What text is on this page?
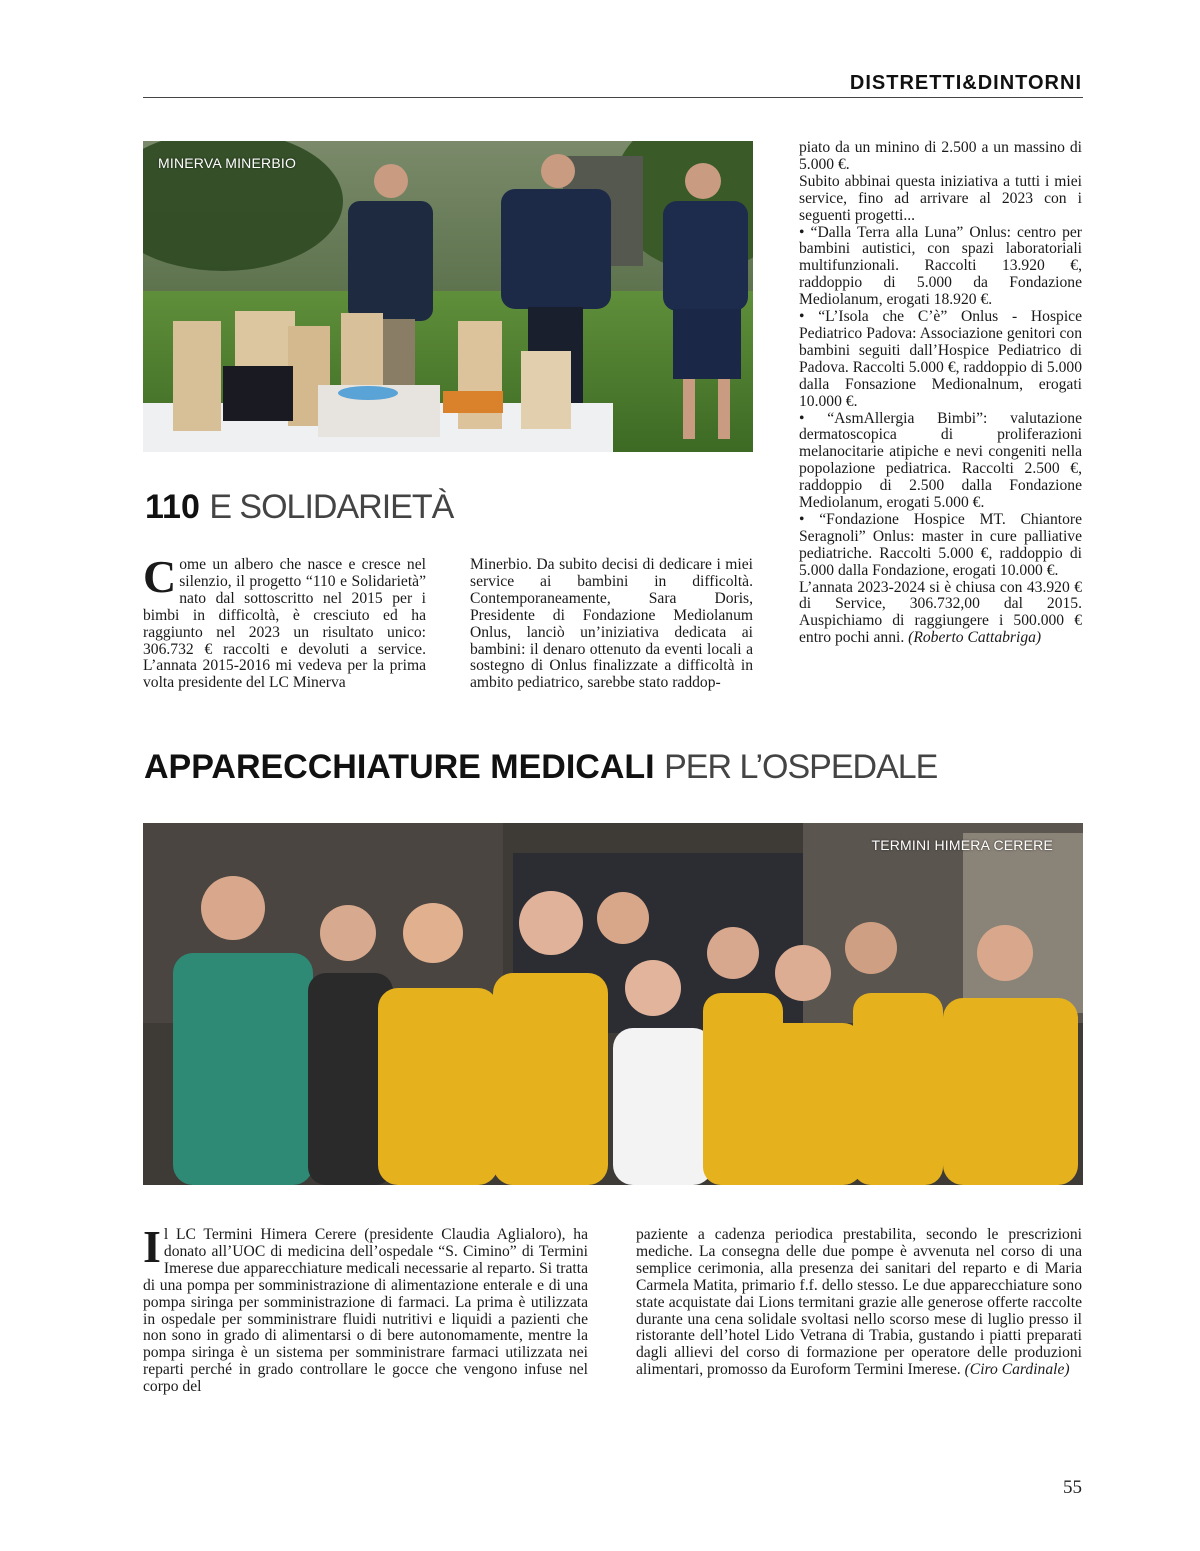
DISTRETTI&DINTORNI
MINERVA MINERBIO
110 E SOLIDARIETÀ
Come un albero che nasce e cresce nel silenzio, il progetto “110 e Solidarietà” nato dal sottoscritto nel 2015 per i bimbi in difficoltà, è cresciuto ed ha raggiunto nel 2023 un risultato unico: 306.732 € raccolti e devoluti a service. L’annata 2015-2016 mi vedeva per la prima volta presidente del LC Minerva
Minerbio. Da subito decisi di dedicare i miei service ai bambini in difficoltà. Contemporaneamente, Sara Doris, Presidente di Fondazione Mediolanum Onlus, lanciò un’iniziativa dedicata ai bambini: il denaro ottenuto da eventi locali a sostegno di Onlus finalizzate a difficoltà in ambito pediatrico, sarebbe stato raddop-

piato da un minino di 2.500 a un massino di 5.000 €.

Subito abbinai questa iniziativa a tutti i miei service, fino ad arrivare al 2023 con i seguenti progetti...

• “Dalla Terra alla Luna” Onlus: centro per bambini autistici, con spazi laboratoriali multifunzionali. Raccolti 13.920 €, raddoppio di 5.000 da Fondazione Mediolanum, erogati 18.920 €.

• “L’Isola che C’è” Onlus - Hospice Pediatrico Padova: Associazione genitori con bambini seguiti dall’Hospice Pediatrico di Padova. Raccolti 5.000 €, raddoppio di 5.000 dalla Fonsazione Medionalnum, erogati 10.000 €.

• “AsmAllergia Bimbi”: valutazione dermatoscopica di proliferazioni melanocitarie atipiche e nevi congeniti nella popolazione pediatrica. Raccolti 2.500 €, raddoppio di 2.500 dalla Fondazione Mediolanum, erogati 5.000 €.

• “Fondazione Hospice MT. Chiantore Seragnoli” Onlus: master in cure palliative pediatriche. Raccolti 5.000 €, raddoppio di 5.000 dalla Fondazione, erogati 10.000 €.

L’annata 2023-2024 si è chiusa con 43.920 € di Service, 306.732,00 dal 2015. Auspichiamo di raggiungere i 500.000 € entro pochi anni. (Roberto Cattabriga)

APPARECCHIATURE MEDICALI PER L’OSPEDALE
TERMINI HIMERA CERERE
Il LC Termini Himera Cerere (presidente Claudia Aglialoro), ha donato all’UOC di medicina dell’ospedale “S. Cimino” di Termini Imerese due apparecchiature medicali necessarie al reparto. Si tratta di una pompa per somministrazione di alimentazione enterale e di una pompa siringa per somministrazione di farmaci. La prima è utilizzata in ospedale per somministrare fluidi nutritivi e liquidi a pazienti che non sono in grado di alimentarsi o di bere autonomamente, mentre la pompa siringa è un sistema per somministrare farmaci utilizzata nei reparti perché in grado controllare le gocce che vengono infuse nel corpo del
paziente a cadenza periodica prestabilita, secondo le prescrizioni mediche. La consegna delle due pompe è avvenuta nel corso di una semplice cerimonia, alla presenza dei sanitari del reparto e di Maria Carmela Matita, primario f.f. dello stesso. Le due apparecchiature sono state acquistate dai Lions termitani grazie alle generose offerte raccolte durante una cena solidale svoltasi nello scorso mese di luglio presso il ristorante dell’hotel Lido Vetrana di Trabia, gustando i piatti preparati dagli allievi del corso di formazione per operatore delle produzioni alimentari, promosso da Euroform Termini Imerese. (Ciro Cardinale)
55
